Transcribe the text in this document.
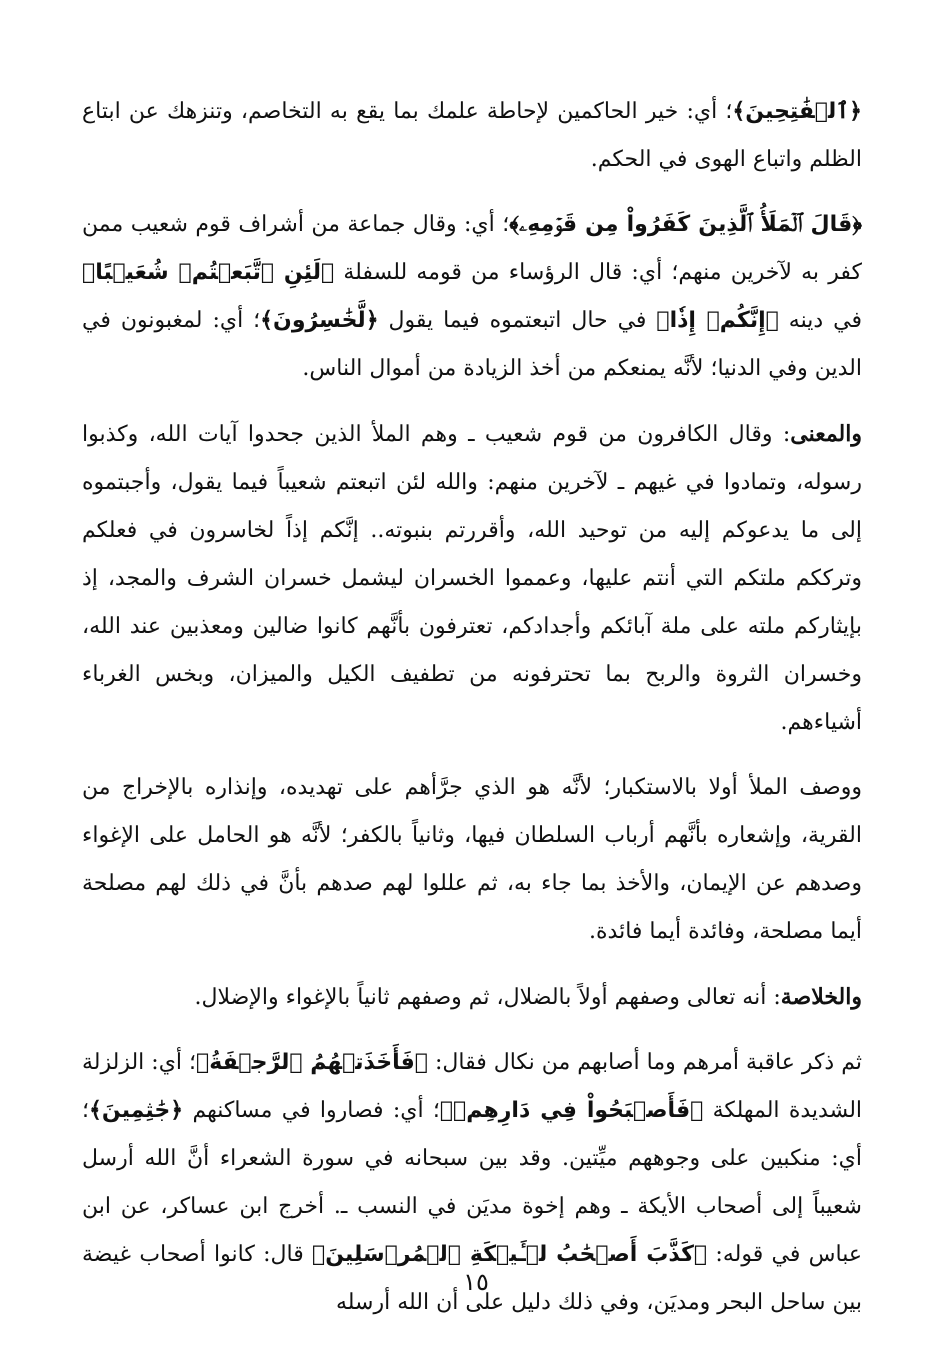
﴿ٱلۡفَٰتِحِينَ﴾؛ أي: خير الحاكمين لإحاطة علمك بما يقع به التخاصم، وتنزهك عن ابتاع الظلم واتباع الهوى في الحكم.

﴿قَالَ ٱلۡمَلَأُ ٱلَّذِينَ كَفَرُواْ مِن قَوۡمِهِۦ﴾؛ أي: وقال جماعة من أشراف قوم شعيب ممن كفر به لآخرين منهم؛ أي: قال الرؤساء من قومه للسفلة ﴿لَئِنِ ٱتَّبَعۡتُمۡ شُعَيۡبًا﴾ في دينه ﴿إِنَّكُمۡ إِذٗا﴾ في حال اتبعتموه فيما يقول ﴿لَّخَٰسِرُونَ﴾؛ أي: لمغبونون في الدين وفي الدنيا؛ لأنَّه يمنعكم من أخذ الزيادة من أموال الناس.

والمعنى: وقال الكافرون من قوم شعيب ـ وهم الملأ الذين جحدوا آيات الله، وكذبوا رسوله، وتمادوا في غيهم ـ لآخرين منهم: والله لئن اتبعتم شعيباً فيما يقول، وأجبتموه إلى ما يدعوكم إليه من توحيد الله، وأقررتم بنبوته.. إنَّكم إذاً لخاسرون في فعلكم وترككم ملتكم التي أنتم عليها، وعمموا الخسران ليشمل خسران الشرف والمجد، إذ بإيثاركم ملته على ملة آبائكم وأجدادكم، تعترفون بأنَّهم كانوا ضالين ومعذبين عند الله، وخسران الثروة والربح بما تحترفونه من تطفيف الكيل والميزان، وبخس الغرباء أشياءهم.

ووصف الملأ أولا بالاستكبار؛ لأنَّه هو الذي جرَّأهم على تهديده، وإنذاره بالإخراج من القرية، وإشعاره بأنَّهم أرباب السلطان فيها، وثانياً بالكفر؛ لأنَّه هو الحامل على الإغواء وصدهم عن الإيمان، والأخذ بما جاء به، ثم عللوا لهم صدهم بأنَّ في ذلك لهم مصلحة أيما مصلحة، وفائدة أيما فائدة.

والخلاصة: أنه تعالى وصفهم أولاً بالضلال، ثم وصفهم ثانياً بالإغواء والإضلال.

ثم ذكر عاقبة أمرهم وما أصابهم من نكال فقال: ﴿فَأَخَذَتۡهُمُ ٱلرَّجۡفَةُ﴾؛ أي: الزلزلة الشديدة المهلكة ﴿فَأَصۡبَحُواْ فِي دَارِهِمۡ﴾؛ أي: فصاروا في مساكنهم ﴿جَٰثِمِينَ﴾؛ أي: منكبين على وجوههم ميِّتين. وقد بين سبحانه في سورة الشعراء أنَّ الله أرسل شعيباً إلى أصحاب الأيكة ـ وهم إخوة مديَن في النسب ـ. أخرج ابن عساكر، عن ابن عباس في قوله: ﴿كَذَّبَ أَصۡحَٰبُ لۡـَٔيۡكَةِ ٱلۡمُرۡسَلِينَ﴾ قال: كانوا أصحاب غيضة بين ساحل البحر ومديَن، وفي ذلك دليل على أن الله أرسله

١٥
